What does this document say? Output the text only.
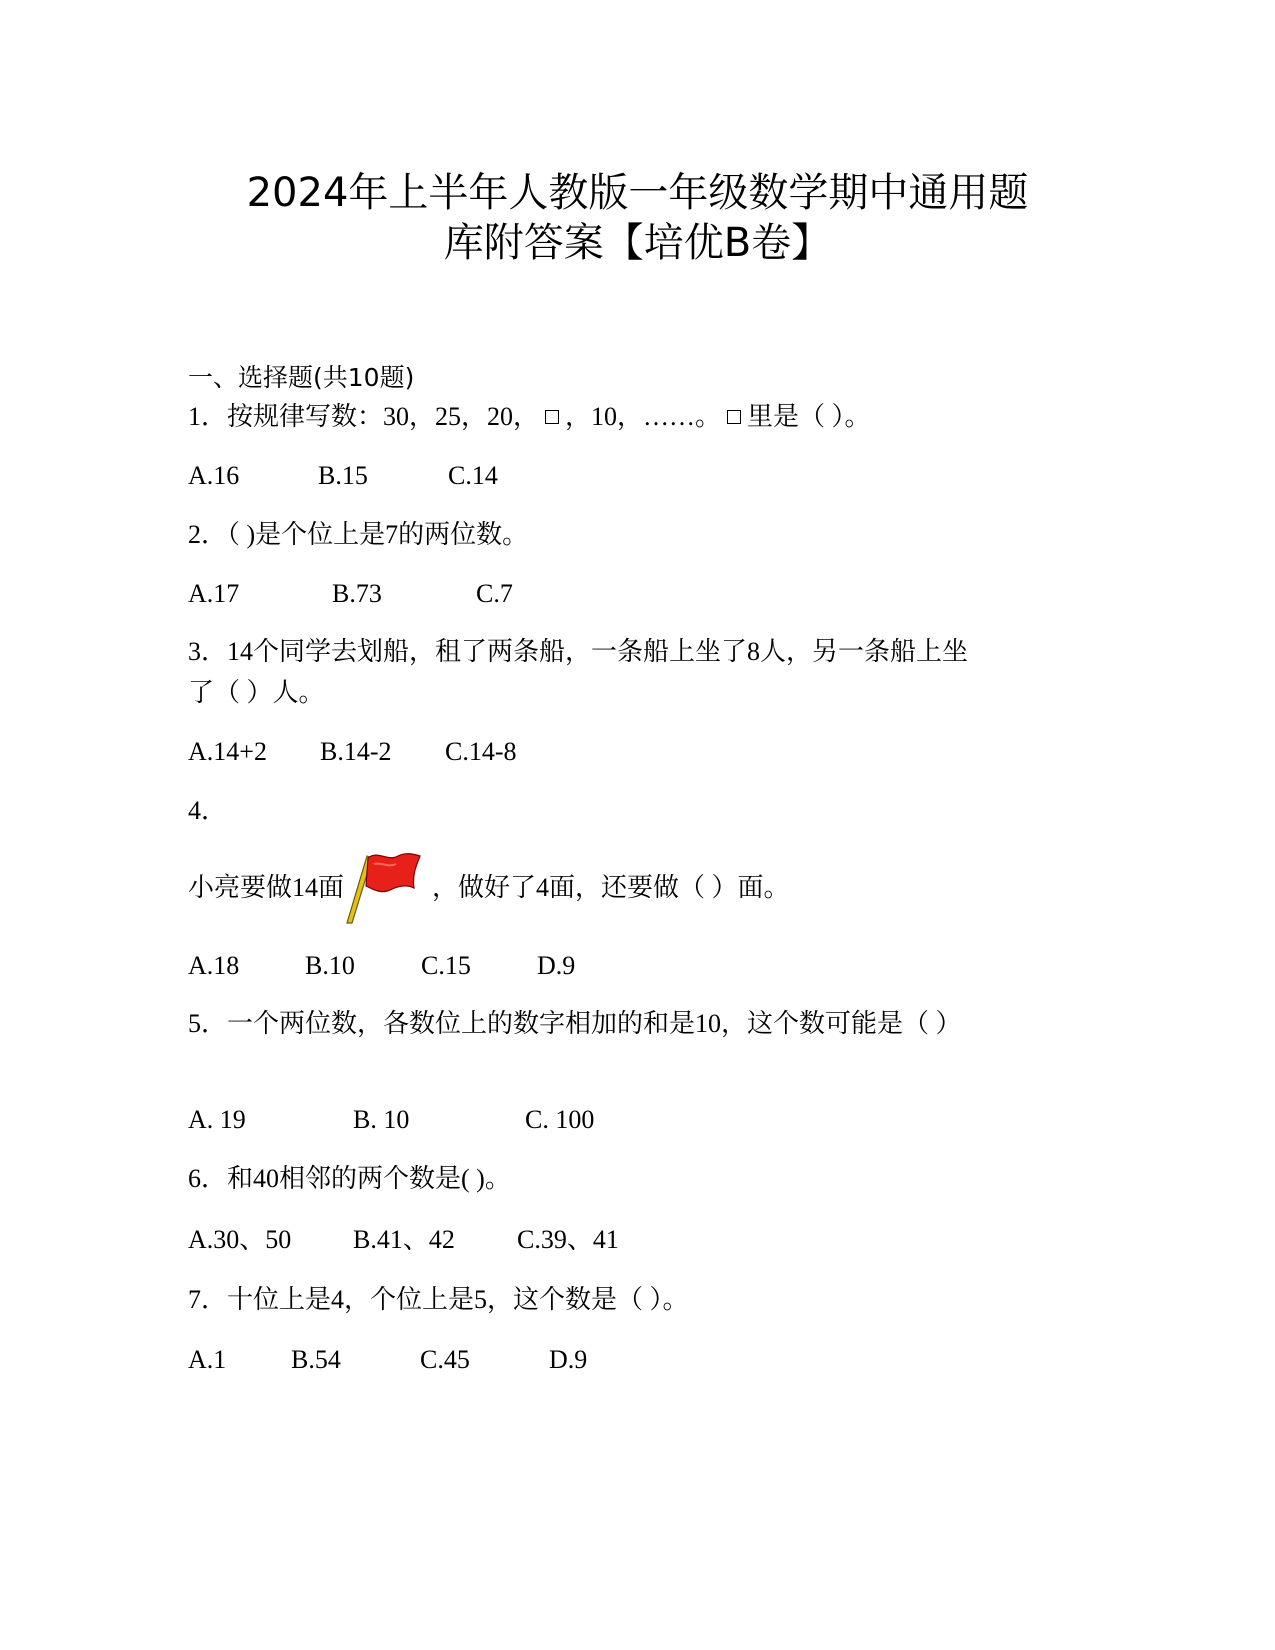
2024年上半年人教版一年级数学期中通用题
库附答案【培优B卷】
一、选择题(共10题)
1．按规律写数：30，25，20， ，10，……。 里是（ ）。
A.16	B.15	C.14
2．（ )是个位上是7的两位数。
A.17	B.73	C.7
3．14个同学去划船，租了两条船，一条船上坐了8人，另一条船上坐
了（ ）人。
A.14+2 B.14-2 C.14-8
4．
小亮要做14面	，做好了4面，还要做（ ）面。
A.18	B.10	C.15	D.9
5．一个两位数，各数位上的数字相加的和是10，这个数可能是（ ）
A. 19	B. 10	C. 100
6．和40相邻的两个数是( )。
A.30、50 B.41、42 C.39、41
7．十位上是4，个位上是5，这个数是（ ）。
A.1 B.54	C.45	D.9
